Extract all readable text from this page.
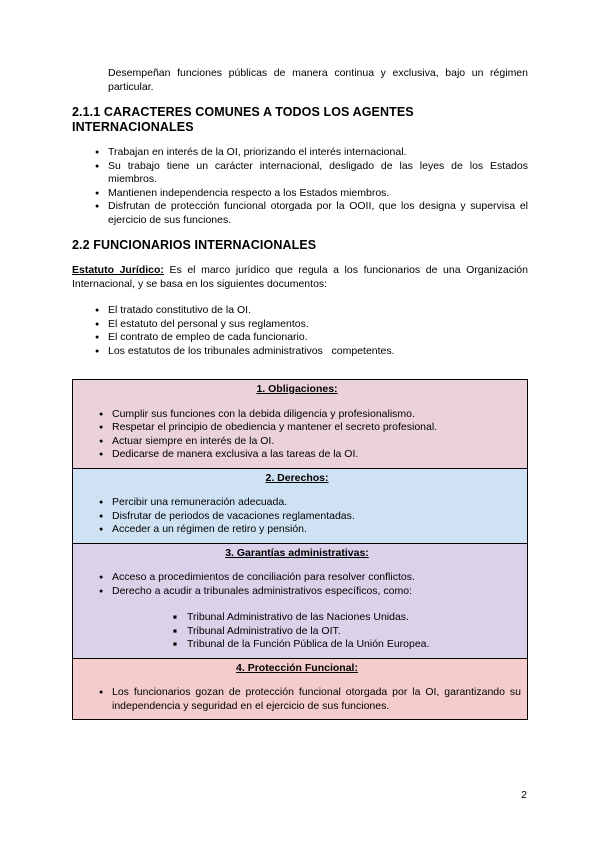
Desempeñan funciones públicas de manera continua y exclusiva, bajo un régimen particular.

2.1.1 CARACTERES COMUNES A TODOS LOS AGENTES INTERNACIONALES
● Trabajan en interés de la OI, priorizando el interés internacional.
● Su trabajo tiene un carácter internacional, desligado de las leyes de los Estados miembros.
● Mantienen independencia respecto a los Estados miembros.
● Disfrutan de protección funcional otorgada por la OOII, que los designa y supervisa el ejercicio de sus funciones.
2.2 FUNCIONARIOS INTERNACIONALES

Estatuto Jurídico: Es el marco jurídico que regula a los funcionarios de una Organización Internacional, y se basa en los siguientes documentos:

● El tratado constitutivo de la OI.
● El estatuto del personal y sus reglamentos.
● El contrato de empleo de cada funcionario.
● Los estatutos de los tribunales administrativos   competentes.
1. Obligaciones:
● Cumplir sus funciones con la debida diligencia y profesionalismo.
● Respetar el principio de obediencia y mantener el secreto profesional.
● Actuar siempre en interés de la OI.
● Dedicarse de manera exclusiva a las tareas de la OI.
2. Derechos:
● Percibir una remuneración adecuada.
● Disfrutar de periodos de vacaciones reglamentadas.
● Acceder a un régimen de retiro y pensión.
3. Garantías administrativas:
● Acceso a procedimientos de conciliación para resolver conflictos.
● Derecho a acudir a tribunales administrativos específicos, como:
■ Tribunal Administrativo de las Naciones Unidas.
■ Tribunal Administrativo de la OIT.
■ Tribunal de la Función Pública de la Unión Europea.
4. Protección Funcional:
● Los funcionarios gozan de protección funcional otorgada por la OI, garantizando su independencia y seguridad en el ejercicio de sus funciones.
2
